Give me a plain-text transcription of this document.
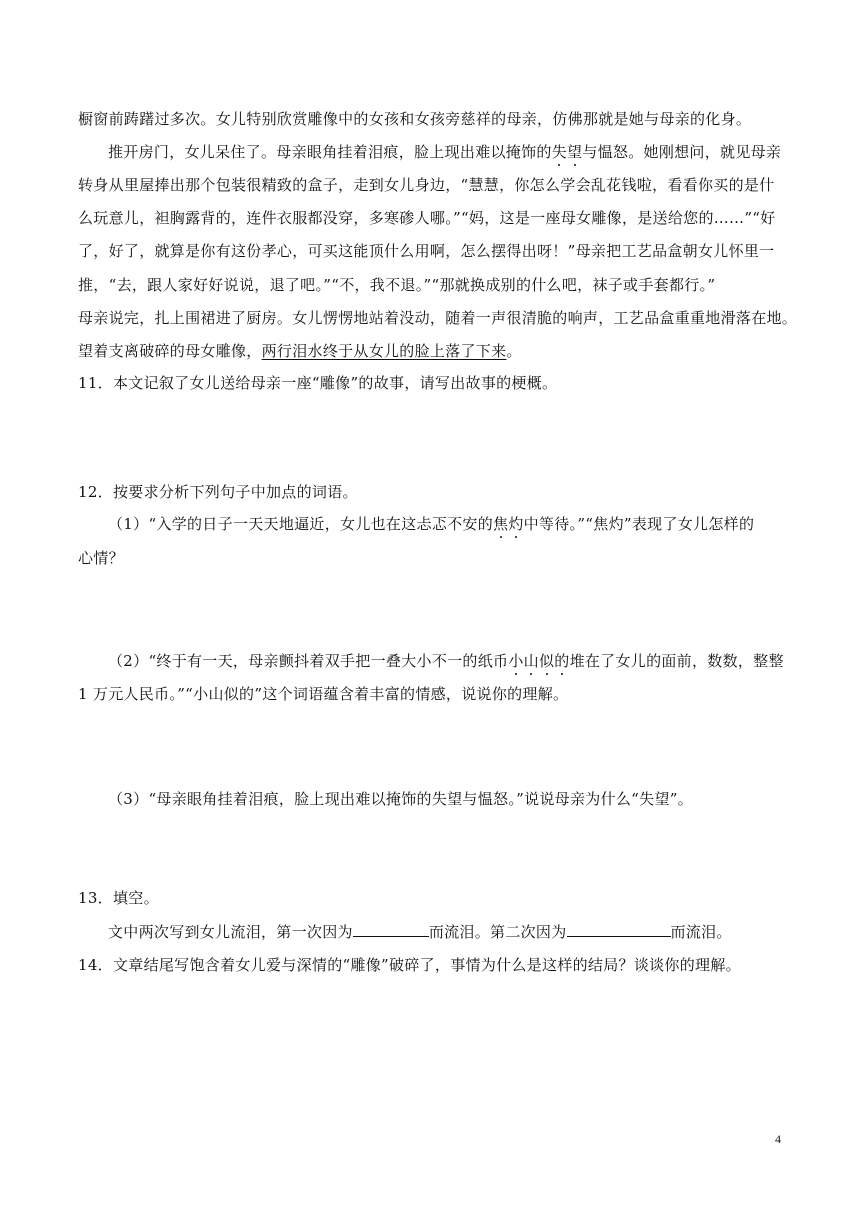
橱窗前踌躇过多次。女儿特别欣赏雕像中的女孩和女孩旁慈祥的母亲，仿佛那就是她与母亲的化身。
推开房门，女儿呆住了。母亲眼角挂着泪痕，脸上现出难以掩饰的失望与愠怒。她刚想问，就见母亲
转身从里屋捧出那个包装很精致的盒子，走到女儿身边，“慧慧，你怎么学会乱花钱啦，看看你买的是什
么玩意儿，袒胸露背的，连件衣服都没穿，多寒碜人哪。”“妈，这是一座母女雕像，是送给您的……”“好
了，好了，就算是你有这份孝心，可买这能顶什么用啊，怎么摆得出呀！”母亲把工艺品盒朝女儿怀里一
推，“去，跟人家好好说说，退了吧。”“不，我不退。”“那就换成别的什么吧，袜子或手套都行。”
母亲说完，扎上围裙进了厨房。女儿愣愣地站着没动，随着一声很清脆的响声，工艺品盒重重地滑落在地。
望着支离破碎的母女雕像，两行泪水终于从女儿的脸上落了下来。
11．本文记叙了女儿送给母亲一座“雕像”的故事，请写出故事的梗概。
12．按要求分析下列句子中加点的词语。
（1）“入学的日子一天天地逼近，女儿也在这忐忑不安的焦灼中等待。”“焦灼”表现了女儿怎样的
心情？
（2）“终于有一天，母亲颤抖着双手把一叠大小不一的纸币小山似的堆在了女儿的面前，数数，整整
1 万元人民币。”“小山似的”这个词语蕴含着丰富的情感，说说你的理解。
（3）“母亲眼角挂着泪痕，脸上现出难以掩饰的失望与愠怒。”说说母亲为什么“失望”。
13．填空。
文中两次写到女儿流泪，第一次因为	而流泪。第二次因为	而流泪。
14．文章结尾写饱含着女儿爱与深情的“雕像”破碎了，事情为什么是这样的结局？谈谈你的理解。
4
